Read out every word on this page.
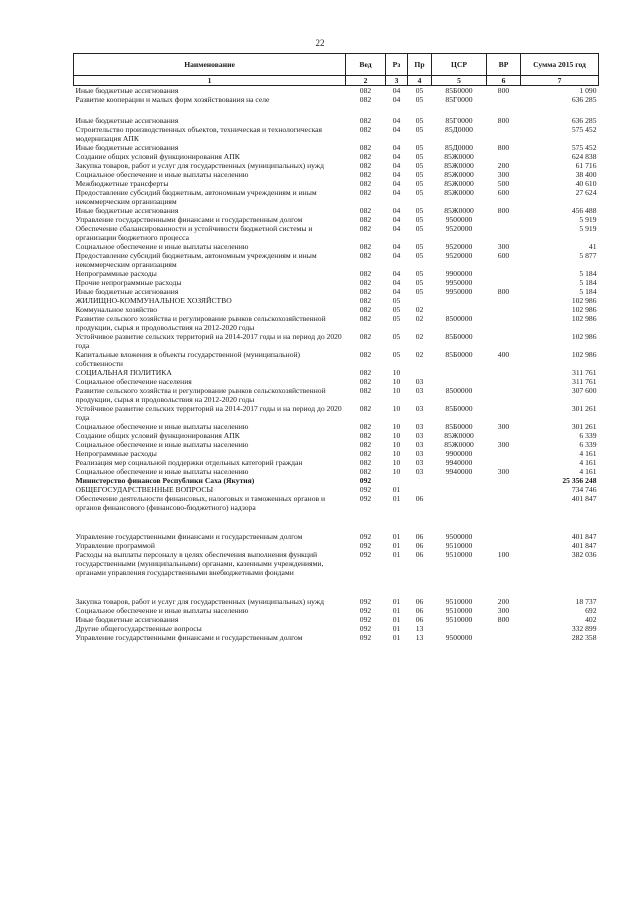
22
Наименование	Вед	Рз	Пр	ЦСР	ВР	Сумма 2015 год
1	2	3	4	5	6	7
Иные бюджетные ассигнования	082	04	05	85Б0000	800	1 090
Развитие кооперации и малых форм хозяйствования на селе	082	04	05	85Г0000		636 285

Иные бюджетные ассигнования	082	04	05	85Г0000	800	636 285
Строительство производственных объектов, техническая и технологическая модернизация АПК	082	04	05	85Д0000		575 452
Иные бюджетные ассигнования	082	04	05	85Д0000	800	575 452
Создание общих условий функционирования АПК	082	04	05	85Ж0000		624 838
Закупка товаров, работ и услуг для государственных (муниципальных) нужд	082	04	05	85Ж0000	200	61 716
Социальное обеспечение и иные выплаты населению	082	04	05	85Ж0000	300	38 400
Межбюджетные трансферты	082	04	05	85Ж0000	500	40 610
Предоставление субсидий бюджетным, автономным учреждениям и иным некоммерческим организациям	082	04	05	85Ж0000	600	27 624
Иные бюджетные ассигнования	082	04	05	85Ж0000	800	456 488
Управление государственными финансами и государственным долгом	082	04	05	9500000		5 919
Обеспечение сбалансированности и устойчивости бюджетной системы и организации бюджетного процесса	082	04	05	9520000		5 919
Социальное обеспечение и иные выплаты населению	082	04	05	9520000	300	41
Предоставление субсидий бюджетным, автономным учреждениям и иным некоммерческим организациям	082	04	05	9520000	600	5 877
Непрограммные расходы	082	04	05	9900000		5 184
Прочие непрограммные расходы	082	04	05	9950000		5 184
Иные бюджетные ассигнования	082	04	05	9950000	800	5 184
ЖИЛИЩНО-КОММУНАЛЬНОЕ ХОЗЯЙСТВО	082	05				102 986
Коммунальное хозяйство	082	05	02			102 986
Развитие сельского хозяйства и регулирование рынков сельскохозяйственной продукции, сырья и продовольствия на 2012-2020 годы	082	05	02	8500000		102 986
Устойчивое развитие сельских территорий на 2014-2017 годы и на период до 2020 года	082	05	02	85Б0000		102 986
Капитальные вложения в объекты государственной (муниципальной) собственности	082	05	02	85Б0000	400	102 986
СОЦИАЛЬНАЯ ПОЛИТИКА	082	10				311 761
Социальное обеспечение населения	082	10	03			311 761
Развитие сельского хозяйства и регулирование рынков сельскохозяйственной продукции, сырья и продовольствия на 2012-2020 годы	082	10	03	8500000		307 600
Устойчивое развитие сельских территорий на 2014-2017 годы и на период до 2020 года	082	10	03	85Б0000		301 261
Социальное обеспечение и иные выплаты населению	082	10	03	85Б0000	300	301 261
Создание общих условий функционирования АПК	082	10	03	85Ж0000		6 339
Социальное обеспечение и иные выплаты населению	082	10	03	85Ж0000	300	6 339
Непрограммные расходы	082	10	03	9900000		4 161
Реализация мер социальной поддержки отдельных категорий граждан	082	10	03	9940000		4 161
Социальное обеспечение и иные выплаты населению	082	10	03	9940000	300	4 161
Министерство финансов Республики Саха (Якутия)	092					25 356 248
ОБЩЕГОСУДАРСТВЕННЫЕ ВОПРОСЫ	092	01				734 746
Обеспечение деятельности финансовых, налоговых и таможенных органов и органов финансового (финансово-бюджетного) надзора	092	01	06			401 847

Управление государственными финансами и государственным долгом	092	01	06	9500000		401 847
Управление программой	092	01	06	9510000		401 847
Расходы на выплаты персоналу в целях обеспечения выполнения функций государственными (муниципальными) органами, казенными учреждениями, органами управления государственными внебюджетными фондами	092	01	06	9510000	100	382 036

Закупка товаров, работ и услуг для государственных (муниципальных) нужд	092	01	06	9510000	200	18 737
Социальное обеспечение и иные выплаты населению	092	01	06	9510000	300	692
Иные бюджетные ассигнования	092	01	06	9510000	800	402
Другие общегосударственные вопросы	092	01	13			332 899
Управление государственными финансами и государственным долгом	092	01	13	9500000		282 358
